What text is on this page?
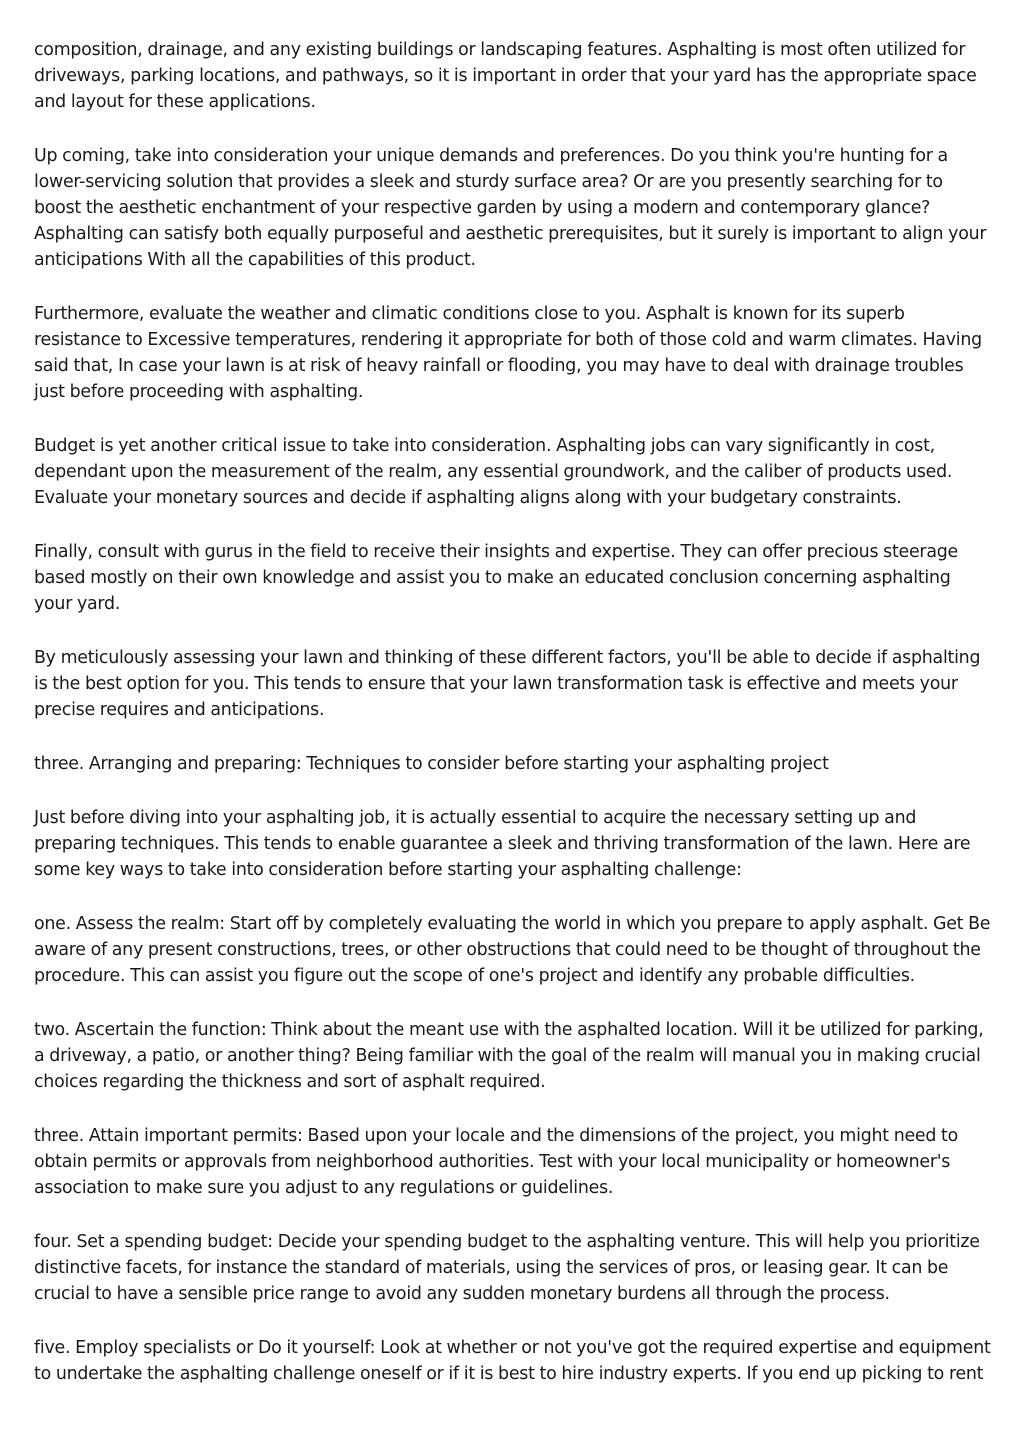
composition, drainage, and any existing buildings or landscaping features. Asphalting is most often utilized for driveways, parking locations, and pathways, so it is important in order that your yard has the appropriate space and layout for these applications.

Up coming, take into consideration your unique demands and preferences. Do you think you're hunting for a lower-servicing solution that provides a sleek and sturdy surface area? Or are you presently searching for to boost the aesthetic enchantment of your respective garden by using a modern and contemporary glance? Asphalting can satisfy both equally purposeful and aesthetic prerequisites, but it surely is important to align your anticipations With all the capabilities of this product.

Furthermore, evaluate the weather and climatic conditions close to you. Asphalt is known for its superb resistance to Excessive temperatures, rendering it appropriate for both of those cold and warm climates. Having said that, In case your lawn is at risk of heavy rainfall or flooding, you may have to deal with drainage troubles just before proceeding with asphalting.

Budget is yet another critical issue to take into consideration. Asphalting jobs can vary significantly in cost, dependant upon the measurement of the realm, any essential groundwork, and the caliber of products used. Evaluate your monetary sources and decide if asphalting aligns along with your budgetary constraints.

Finally, consult with gurus in the field to receive their insights and expertise. They can offer precious steerage based mostly on their own knowledge and assist you to make an educated conclusion concerning asphalting your yard.

By meticulously assessing your lawn and thinking of these different factors, you'll be able to decide if asphalting is the best option for you. This tends to ensure that your lawn transformation task is effective and meets your precise requires and anticipations.

three. Arranging and preparing: Techniques to consider before starting your asphalting project

Just before diving into your asphalting job, it is actually essential to acquire the necessary setting up and preparing techniques. This tends to enable guarantee a sleek and thriving transformation of the lawn. Here are some key ways to take into consideration before starting your asphalting challenge:

one. Assess the realm: Start off by completely evaluating the world in which you prepare to apply asphalt. Get Be aware of any present constructions, trees, or other obstructions that could need to be thought of throughout the procedure. This can assist you figure out the scope of one's project and identify any probable difficulties.

two. Ascertain the function: Think about the meant use with the asphalted location. Will it be utilized for parking, a driveway, a patio, or another thing? Being familiar with the goal of the realm will manual you in making crucial choices regarding the thickness and sort of asphalt required.

three. Attain important permits: Based upon your locale and the dimensions of the project, you might need to obtain permits or approvals from neighborhood authorities. Test with your local municipality or homeowner's association to make sure you adjust to any regulations or guidelines.

four. Set a spending budget: Decide your spending budget to the asphalting venture. This will help you prioritize distinctive facets, for instance the standard of materials, using the services of pros, or leasing gear. It can be crucial to have a sensible price range to avoid any sudden monetary burdens all through the process.

five. Employ specialists or Do it yourself: Look at whether or not you've got the required expertise and equipment to undertake the asphalting challenge oneself or if it is best to hire industry experts. If you end up picking to rent
